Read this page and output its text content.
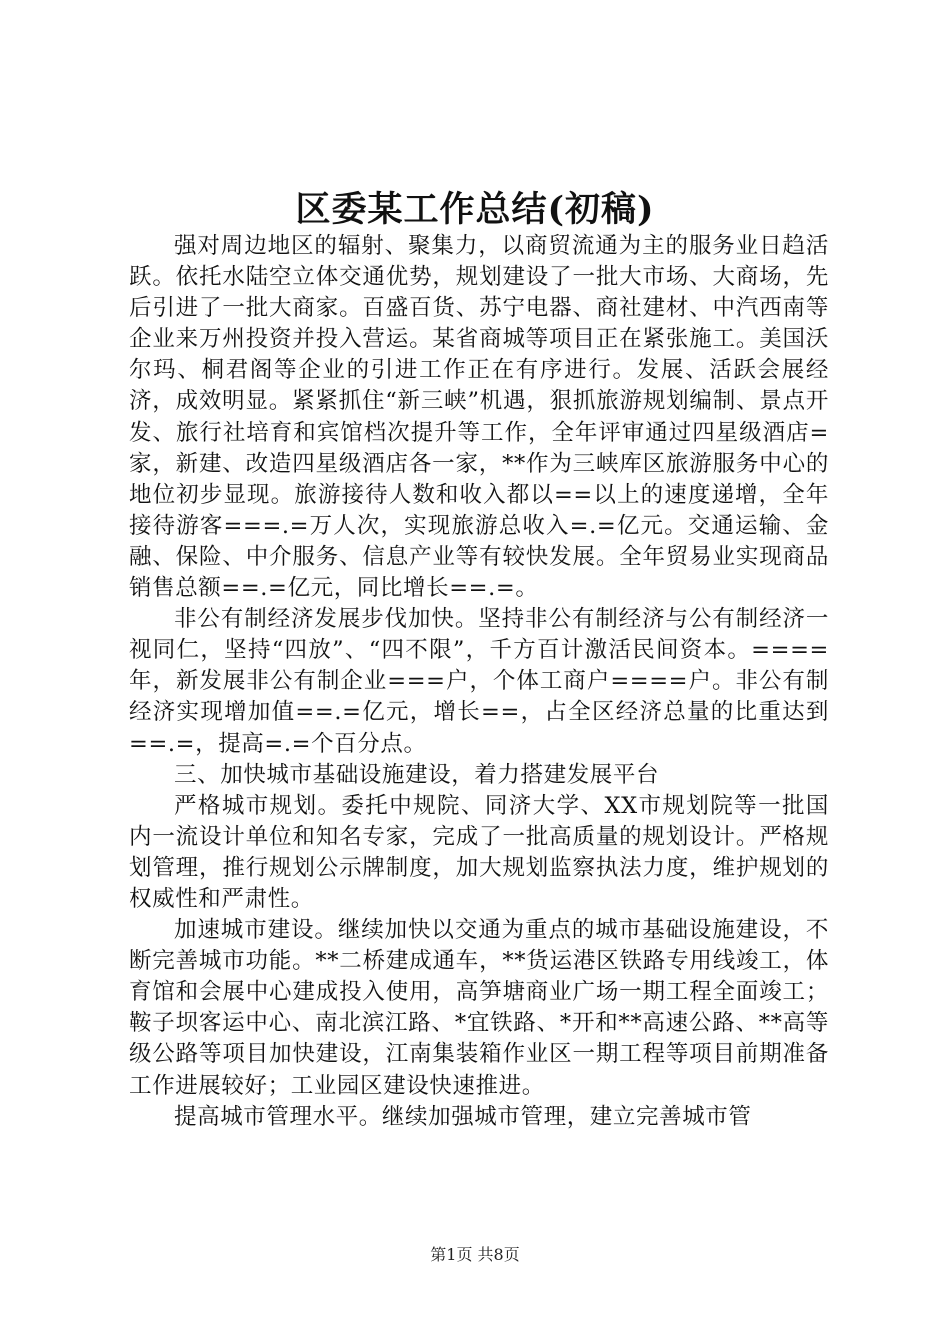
区委某工作总结(初稿)

强对周边地区的辐射、聚集力，以商贸流通为主的服务业日趋活跃。依托水陆空立体交通优势，规划建设了一批大市场、大商场，先后引进了一批大商家。百盛百货、苏宁电器、商社建材、中汽西南等企业来万州投资并投入营运。某省商城等项目正在紧张施工。美国沃尔玛、桐君阁等企业的引进工作正在有序进行。发展、活跃会展经济，成效明显。紧紧抓住“新三峡”机遇，狠抓旅游规划编制、景点开发、旅行社培育和宾馆档次提升等工作，全年评审通过四星级酒店=家，新建、改造四星级酒店各一家，**作为三峡库区旅游服务中心的地位初步显现。旅游接待人数和收入都以==以上的速度递增，全年接待游客===.=万人次，实现旅游总收入=.=亿元。交通运输、金融、保险、中介服务、信息产业等有较快发展。全年贸易业实现商品销售总额==.=亿元，同比增长==.=。

非公有制经济发展步伐加快。坚持非公有制经济与公有制经济一视同仁，坚持“四放”、“四不限”，千方百计激活民间资本。====年，新发展非公有制企业===户，个体工商户====户。非公有制经济实现增加值==.=亿元，增长==，占全区经济总量的比重达到==.=，提高=.=个百分点。

三、加快城市基础设施建设，着力搭建发展平台

严格城市规划。委托中规院、同济大学、XX市规划院等一批国内一流设计单位和知名专家，完成了一批高质量的规划设计。严格规划管理，推行规划公示牌制度，加大规划监察执法力度，维护规划的权威性和严肃性。

加速城市建设。继续加快以交通为重点的城市基础设施建设，不断完善城市功能。**二桥建成通车，**货运港区铁路专用线竣工，体育馆和会展中心建成投入使用，高笋塘商业广场一期工程全面竣工；鞍子坝客运中心、南北滨江路、*宜铁路、*开和**高速公路、**高等级公路等项目加快建设，江南集装箱作业区一期工程等项目前期准备工作进展较好；工业园区建设快速推进。

提高城市管理水平。继续加强城市管理，建立完善城市管

第1页 共8页
